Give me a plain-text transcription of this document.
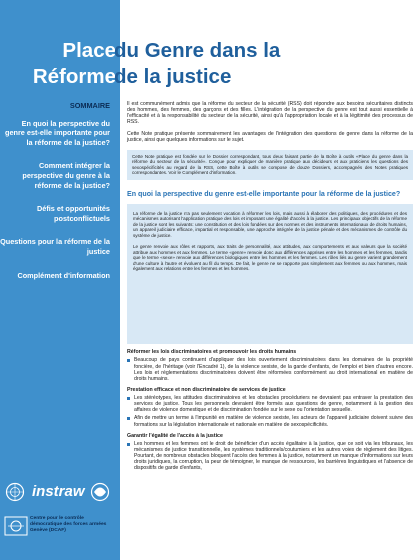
Place
du Genre dans la
Réforme
de la justice
SOMMAIRE
En quoi la perspective du genre est-elle importante pour la réforme de la justice?
Comment intégrer la perspective du genre à la réforme de la justice?
Défis et opportunités postconflictuels
Questions pour la réforme de la justice
Complément d'information
instraw
Centre pour le contrôle démocratique des forces armées Genève (DCAF)

Il est communément admis que la réforme du secteur de la sécurité (RSS) doit répondre aux besoins sécuritaires distincts des hommes, des femmes, des garçons et des filles. L'intégration de la perspective du genre est tout aussi essentielle à l'efficacité et à la responsabilité du secteur de la sécurité, ainsi qu'à l'appropriation locale et à la légitimité des processus de RSS.

Cette Note pratique présente sommairement les avantages de l'intégration des questions de genre dans la réforme de la justice, ainsi que quelques informations sur le sujet.

Cette Note pratique est fondée sur le Dossier correspondant, tous deux faisant partie de la Boîte à outils «Place du genre dans la réforme du secteur de la sécurité». Conçue pour expliquer de manière pratique aux décideurs et aux praticiens les questions des sexospécificités au regard de la RSS, cette Boîte à outils se compose de douze Dossiers, accompagnés des Notes pratiques correspondantes. Voir le Complément d'information.
En quoi la perspective du genre est-elle importante pour la réforme de la justice?
La réforme de la justice n'a pas seulement vocation à réformer les lois, mais aussi à élaborer des politiques, des procédures et des mécanismes autorisant l'application pratique des lois et imposant une égalité d'accès à la justice. Les principaux objectifs de la réforme de la justice sont les suivants: une constitution et des lois fondées sur des normes et des instruments internationaux de droits humains, un appareil judiciaire efficace, impartial et responsable, une approche intégrée de la justice pénale et des mécanismes de contrôle du système de justice.
Le genre renvoie aux rôles et rapports, aux traits de personnalité, aux attitudes, aux comportements et aux valeurs que la société attribue aux hommes et aux femmes. Le terme «genre» renvoie donc aux différences apprises entre les hommes et les femmes, tandis que le terme «sexe» renvoie aux différences biologiques entre les hommes et les femmes. Les rôles liés au genre varient grandement d'une culture à l'autre et évoluent au fil du temps. De fait, le genre ne se rapporte pas simplement aux femmes ou aux hommes, mais également aux relations entre les femmes et les hommes.
Réformer les lois discriminatoires et promouvoir les droits humains
Beaucoup de pays continuent d'appliquer des lois ouvertement discriminatoires dans les domaines de la propriété foncière, de l'héritage (voir l'Encadré 1), de la violence sexiste, de la garde d'enfants, de l'emploi et bien d'autres encore. Les lois et réglementations discriminatoires doivent être réformées conformément au droit international en matière de droits humains.
Prestation efficace et non discriminatoire de services de justice
Les stéréotypes, les attitudes discriminatoires et les obstacles procéduriers ne devraient pas entraver la prestation des services de justice. Tous les personnels devraient être formés aux questions de genre, notamment à la gestion des affaires de violence domestique et de discrimination fondée sur le sexe ou l'orientation sexuelle.
Afin de mettre un terme à l'impunité en matière de violence sexiste, les acteurs de l'appareil judiciaire doivent suivre des formations sur la législation internationale et nationale en matière de sexospécificités.
Garantir l'égalité de l'accès à la justice
Les hommes et les femmes ont le droit de bénéficier d'un accès égalitaire à la justice, que ce soit via les tribunaux, les mécanismes de justice transitionnelle, les systèmes traditionnels/coutumiers et les autres voies de règlement des litiges. Pourtant, de nombreux obstacles bloquent l'accès des femmes à la justice, notamment un manque d'informations sur leurs droits juridiques, la corruption, la peur de témoigner, le manque de ressources, les barrières linguistiques et l'absence de dispositifs de garde d'enfants,
